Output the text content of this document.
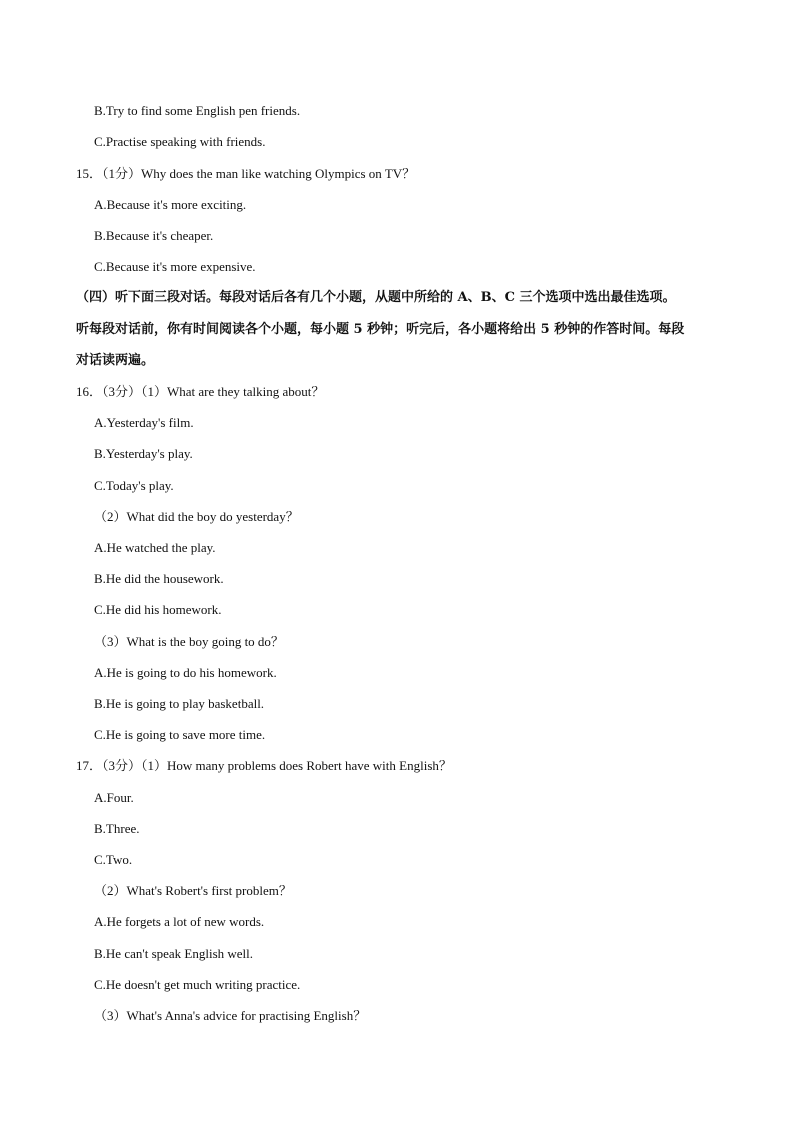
B.Try to find some English pen friends.
C.Practise speaking with friends.
15．（1分）Why does the man like watching Olympics on TV？
A.Because it's more exciting.
B.Because it's cheaper.
C.Because it's more expensive.
（四）听下面三段对话。每段对话后各有几个小题，从题中所给的 A、B、C 三个选项中选出最佳选项。
听每段对话前，你有时间阅读各个小题，每小题 5 秒钟；听完后，各小题将给出 5 秒钟的作答时间。每段
对话读两遍。
16．（3分）（1）What are they talking about？
A.Yesterday's film.
B.Yesterday's play.
C.Today's play.
（2）What did the boy do yesterday？
A.He watched the play.
B.He did the housework.
C.He did his homework.
（3）What is the boy going to do？
A.He is going to do his homework.
B.He is going to play basketball.
C.He is going to save more time.
17．（3分）（1）How many problems does Robert have with English？
A.Four.
B.Three.
C.Two.
（2）What's Robert's first problem？
A.He forgets a lot of new words.
B.He can't speak English well.
C.He doesn't get much writing practice.
（3）What's Anna's advice for practising English？
